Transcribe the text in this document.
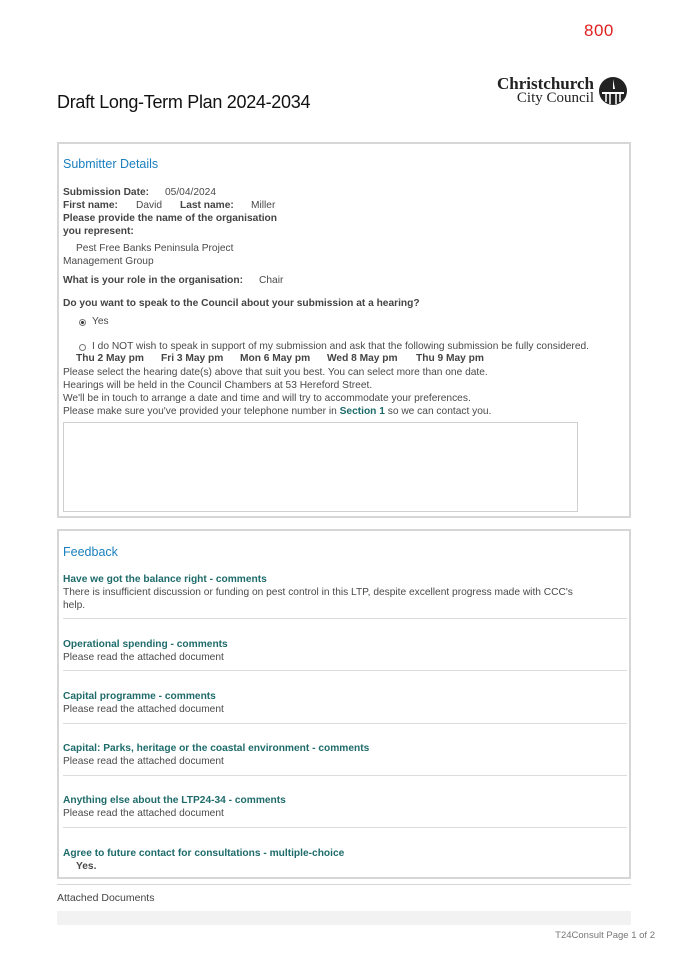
800
Draft Long-Term Plan 2024-2034
Christchurch
City Council
Submitter Details
Submission Date: 05/04/2024
First name: David Last name: Miller
Please provide the name of the organisation
you represent:
Pest Free Banks Peninsula Project
Management Group
What is your role in the organisation: Chair
Do you want to speak to the Council about your submission at a hearing?
Yes
I do NOT wish to speak in support of my submission and ask that the following submission be fully considered.
Thu 2 May pm Fri 3 May pm Mon 6 May pm Wed 8 May pm Thu 9 May pm
Please select the hearing date(s) above that suit you best. You can select more than one date.
Hearings will be held in the Council Chambers at 53 Hereford Street.
We'll be in touch to arrange a date and time and will try to accommodate your preferences.
Please make sure you've provided your telephone number in Section 1 so we can contact you.
Feedback
Have we got the balance right - comments
There is insufficient discussion or funding on pest control in this LTP, despite excellent progress made with CCC's
help.
Operational spending - comments
Please read the attached document
Capital programme - comments
Please read the attached document
Capital: Parks, heritage or the coastal environment - comments
Please read the attached document
Anything else about the LTP24-34 - comments
Please read the attached document
Agree to future contact for consultations - multiple-choice
Yes.
Attached Documents
T24Consult Page 1 of 2
